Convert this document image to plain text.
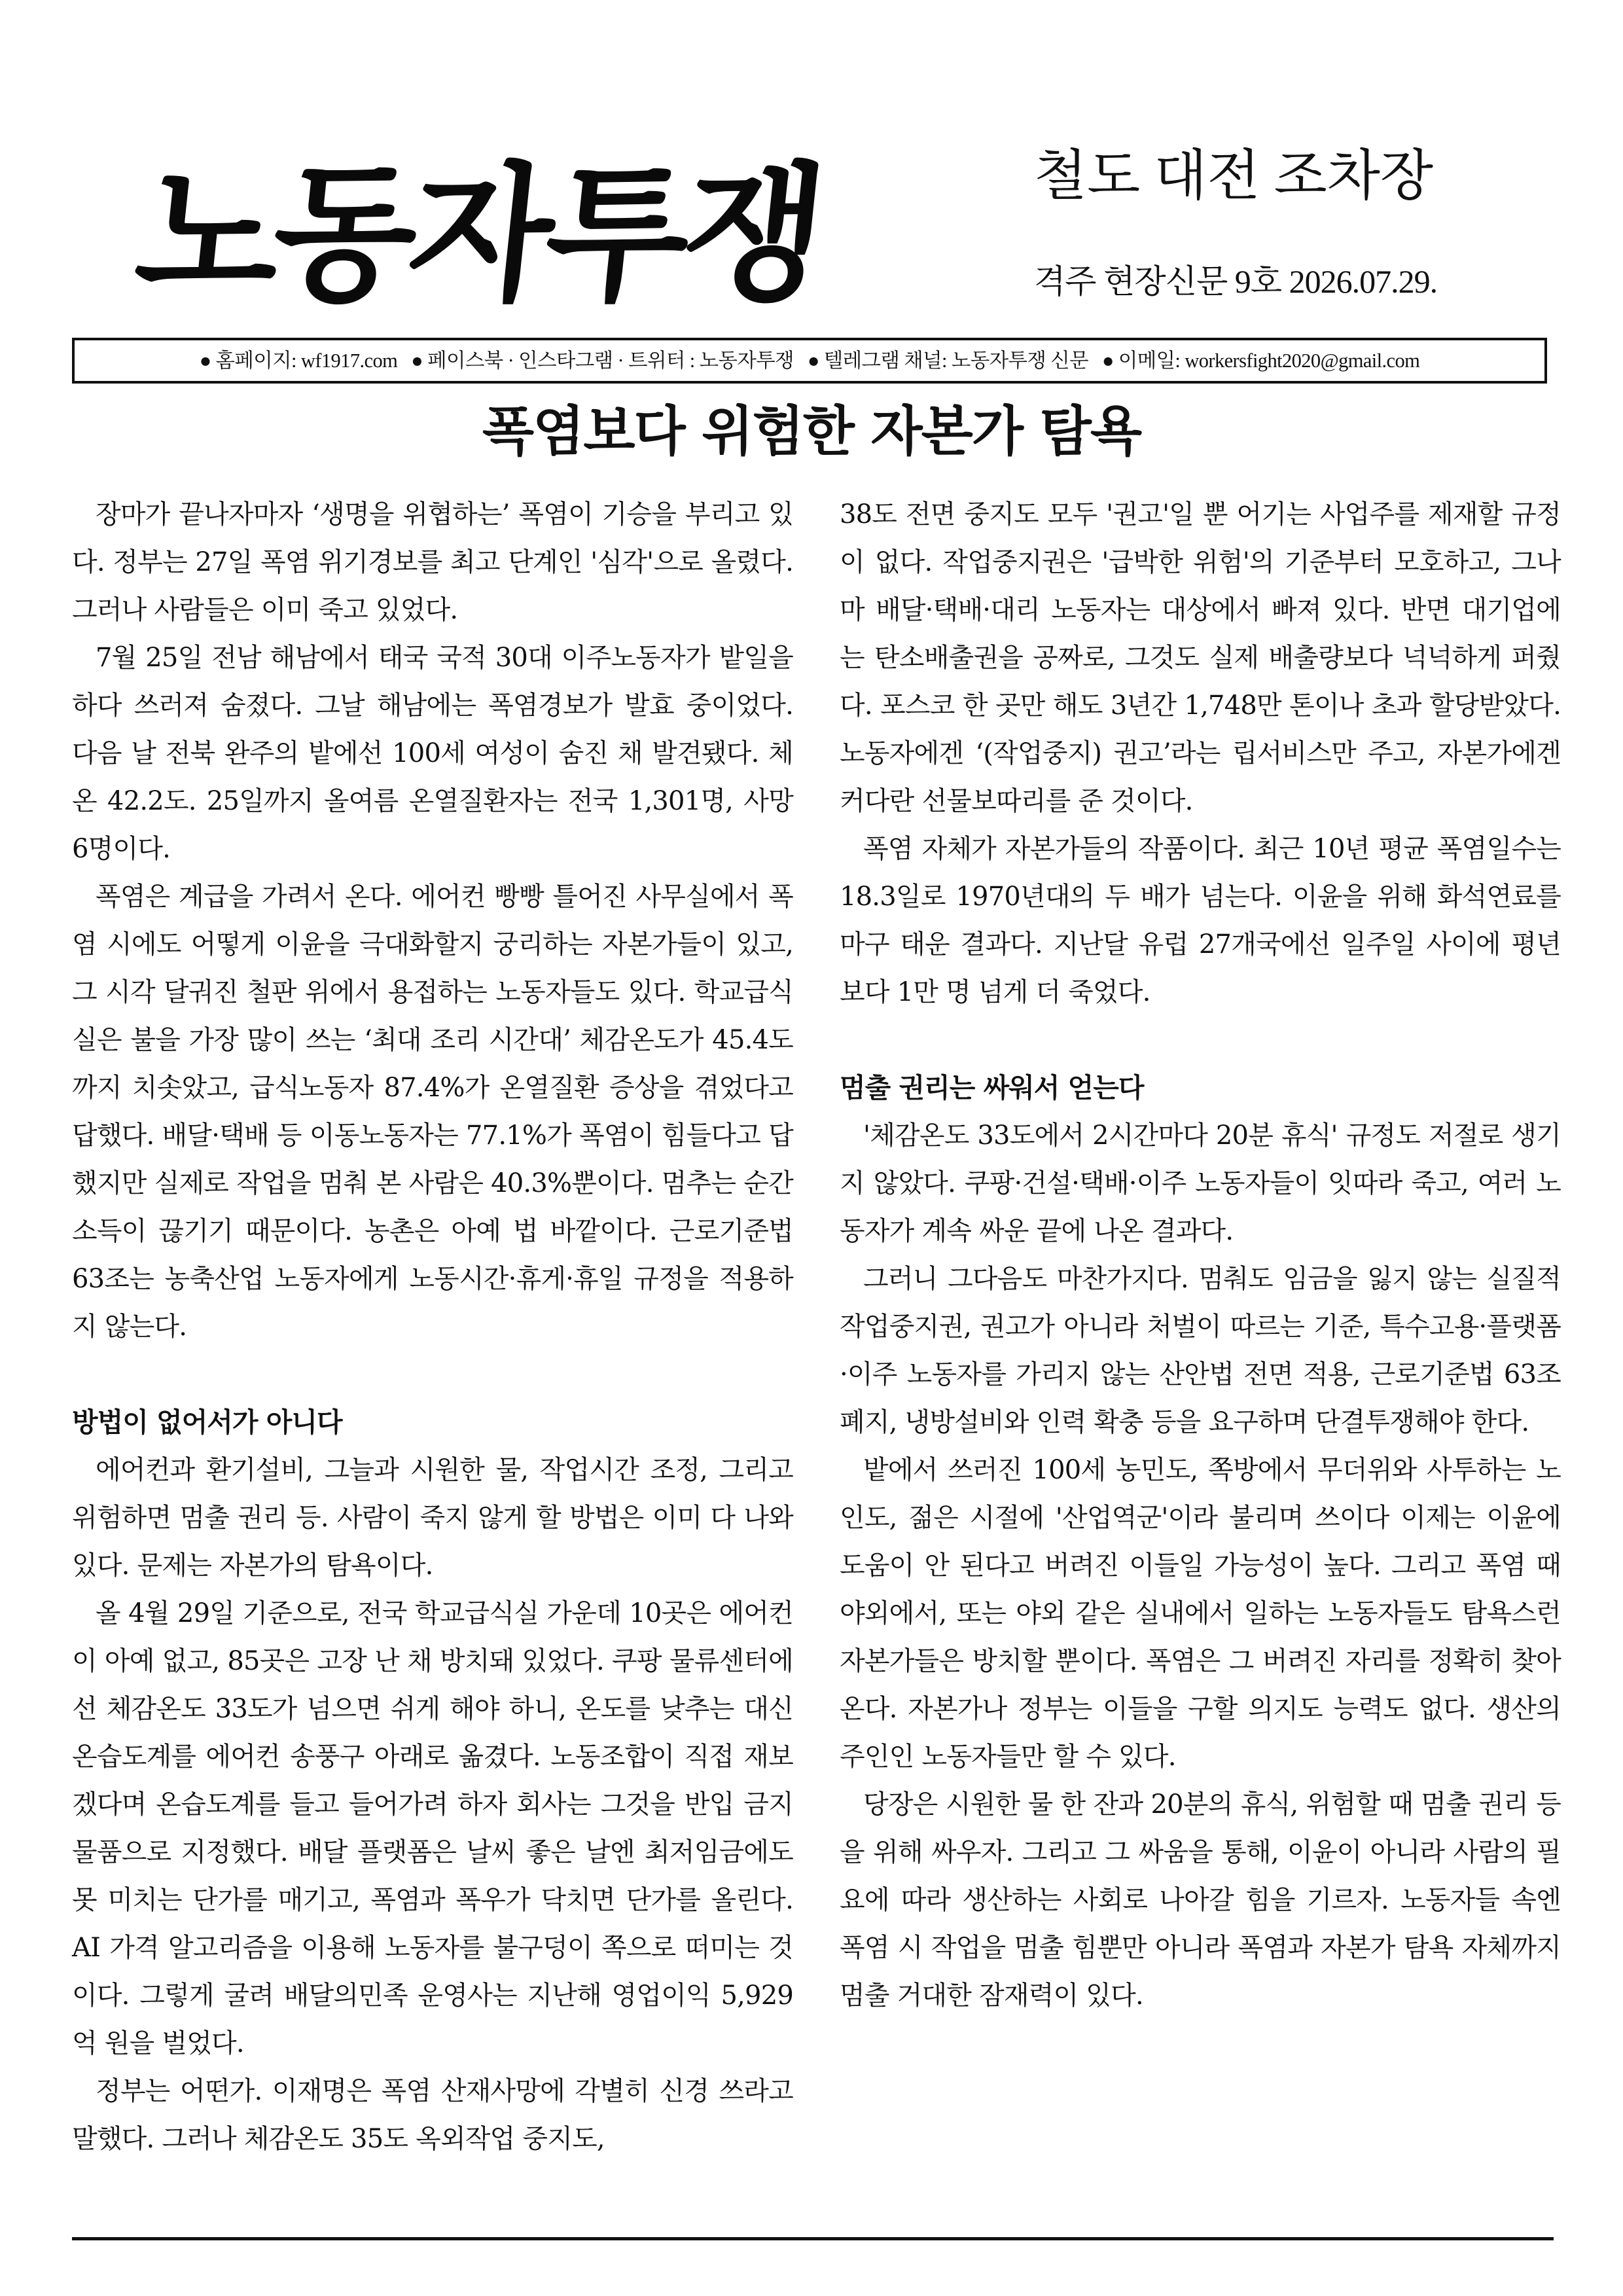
노동자투쟁	철도 대전 조차장
격주 현장신문 9호 2026.07.29.
● 홈페이지: wf1917.com ● 페이스북 · 인스타그램 · 트위터 : 노동자투쟁 ● 텔레그램 채널: 노동자투쟁 신문 ● 이메일: workersfight2020@gmail.com
폭염보다 위험한 자본가 탐욕

장마가 끝나자마자 ‘생명을 위협하는’ 폭염이 기승을 부리고 있다. 정부는 27일 폭염 위기경보를 최고 단계인 '심각'으로 올렸다. 그러나 사람들은 이미 죽고 있었다.

7월 25일 전남 해남에서 태국 국적 30대 이주노동자가 밭일을 하다 쓰러져 숨졌다. 그날 해남에는 폭염경보가 발효 중이었다. 다음 날 전북 완주의 밭에선 100세 여성이 숨진 채 발견됐다. 체온 42.2도. 25일까지 올여름 온열질환자는 전국 1,301명, 사망 6명이다.

폭염은 계급을 가려서 온다. 에어컨 빵빵 틀어진 사무실에서 폭염 시에도 어떻게 이윤을 극대화할지 궁리하는 자본가들이 있고, 그 시각 달궈진 철판 위에서 용접하는 노동자들도 있다. 학교급식실은 불을 가장 많이 쓰는 ‘최대 조리 시간대’ 체감온도가 45.4도까지 치솟았고, 급식노동자 87.4%가 온열질환 증상을 겪었다고 답했다. 배달·택배 등 이동노동자는 77.1%가 폭염이 힘들다고 답했지만 실제로 작업을 멈춰 본 사람은 40.3%뿐이다. 멈추는 순간 소득이 끊기기 때문이다. 농촌은 아예 법 바깥이다. 근로기준법 63조는 농축산업 노동자에게 노동시간·휴게·휴일 규정을 적용하지 않는다.

방법이 없어서가 아니다

에어컨과 환기설비, 그늘과 시원한 물, 작업시간 조정, 그리고 위험하면 멈출 권리 등. 사람이 죽지 않게 할 방법은 이미 다 나와 있다. 문제는 자본가의 탐욕이다.

올 4월 29일 기준으로, 전국 학교급식실 가운데 10곳은 에어컨이 아예 없고, 85곳은 고장 난 채 방치돼 있었다. 쿠팡 물류센터에선 체감온도 33도가 넘으면 쉬게 해야 하니, 온도를 낮추는 대신 온습도계를 에어컨 송풍구 아래로 옮겼다. 노동조합이 직접 재보겠다며 온습도계를 들고 들어가려 하자 회사는 그것을 반입 금지 물품으로 지정했다. 배달 플랫폼은 날씨 좋은 날엔 최저임금에도 못 미치는 단가를 매기고, 폭염과 폭우가 닥치면 단가를 올린다. AI 가격 알고리즘을 이용해 노동자를 불구덩이 쪽으로 떠미는 것이다. 그렇게 굴려 배달의민족 운영사는 지난해 영업이익 5,929억 원을 벌었다.

정부는 어떤가. 이재명은 폭염 산재사망에 각별히 신경 쓰라고 말했다. 그러나 체감온도 35도 옥외작업 중지도,

38도 전면 중지도 모두 '권고'일 뿐 어기는 사업주를 제재할 규정이 없다. 작업중지권은 '급박한 위험'의 기준부터 모호하고, 그나마 배달·택배·대리 노동자는 대상에서 빠져 있다. 반면 대기업에는 탄소배출권을 공짜로, 그것도 실제 배출량보다 넉넉하게 퍼줬다. 포스코 한 곳만 해도 3년간 1,748만 톤이나 초과 할당받았다. 노동자에겐 ‘(작업중지) 권고’라는 립서비스만 주고, 자본가에겐 커다란 선물보따리를 준 것이다.

폭염 자체가 자본가들의 작품이다. 최근 10년 평균 폭염일수는 18.3일로 1970년대의 두 배가 넘는다. 이윤을 위해 화석연료를 마구 태운 결과다. 지난달 유럽 27개국에선 일주일 사이에 평년보다 1만 명 넘게 더 죽었다.

멈출 권리는 싸워서 얻는다

'체감온도 33도에서 2시간마다 20분 휴식' 규정도 저절로 생기지 않았다. 쿠팡·건설·택배·이주 노동자들이 잇따라 죽고, 여러 노동자가 계속 싸운 끝에 나온 결과다.

그러니 그다음도 마찬가지다. 멈춰도 임금을 잃지 않는 실질적 작업중지권, 권고가 아니라 처벌이 따르는 기준, 특수고용·플랫폼·이주 노동자를 가리지 않는 산안법 전면 적용, 근로기준법 63조 폐지, 냉방설비와 인력 확충 등을 요구하며 단결투쟁해야 한다.

밭에서 쓰러진 100세 농민도, 쪽방에서 무더위와 사투하는 노인도, 젊은 시절에 '산업역군'이라 불리며 쓰이다 이제는 이윤에 도움이 안 된다고 버려진 이들일 가능성이 높다. 그리고 폭염 때 야외에서, 또는 야외 같은 실내에서 일하는 노동자들도 탐욕스런 자본가들은 방치할 뿐이다. 폭염은 그 버려진 자리를 정확히 찾아온다. 자본가나 정부는 이들을 구할 의지도 능력도 없다. 생산의 주인인 노동자들만 할 수 있다.

당장은 시원한 물 한 잔과 20분의 휴식, 위험할 때 멈출 권리 등을 위해 싸우자. 그리고 그 싸움을 통해, 이윤이 아니라 사람의 필요에 따라 생산하는 사회로 나아갈 힘을 기르자. 노동자들 속엔 폭염 시 작업을 멈출 힘뿐만 아니라 폭염과 자본가 탐욕 자체까지 멈출 거대한 잠재력이 있다.
